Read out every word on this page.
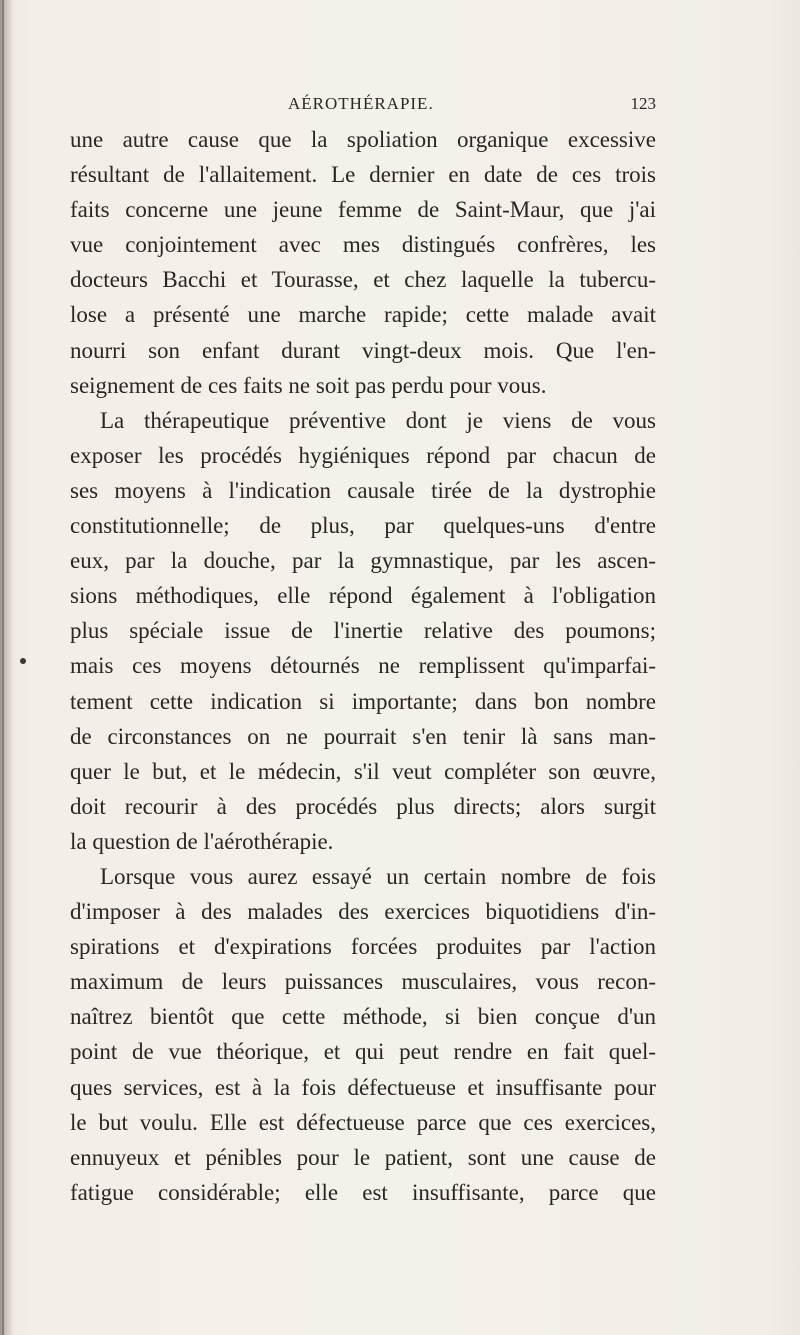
AÉROTHÉRAPIE.	123
une autre cause que la spoliation organique excessive
résultant de l'allaitement. Le dernier en date de ces trois
faits concerne une jeune femme de Saint-Maur, que j'ai
vue conjointement avec mes distingués confrères, les
docteurs Bacchi et Tourasse, et chez laquelle la tubercu-
lose a présenté une marche rapide; cette malade avait
nourri son enfant durant vingt-deux mois. Que l'en-
seignement de ces faits ne soit pas perdu pour vous.
La thérapeutique préventive dont je viens de vous
exposer les procédés hygiéniques répond par chacun de
ses moyens à l'indication causale tirée de la dystrophie
constitutionnelle; de plus, par quelques-uns d'entre
eux, par la douche, par la gymnastique, par les ascen-
sions méthodiques, elle répond également à l'obligation
plus spéciale issue de l'inertie relative des poumons;
mais ces moyens détournés ne remplissent qu'imparfai-
tement cette indication si importante; dans bon nombre
de circonstances on ne pourrait s'en tenir là sans man-
quer le but, et le médecin, s'il veut compléter son œuvre,
doit recourir à des procédés plus directs; alors surgit
la question de l'aérothérapie.
Lorsque vous aurez essayé un certain nombre de fois
d'imposer à des malades des exercices biquotidiens d'in-
spirations et d'expirations forcées produites par l'action
maximum de leurs puissances musculaires, vous recon-
naîtrez bientôt que cette méthode, si bien conçue d'un
point de vue théorique, et qui peut rendre en fait quel-
ques services, est à la fois défectueuse et insuffisante pour
le but voulu. Elle est défectueuse parce que ces exercices,
ennuyeux et pénibles pour le patient, sont une cause de
fatigue considérable; elle est insuffisante, parce que
